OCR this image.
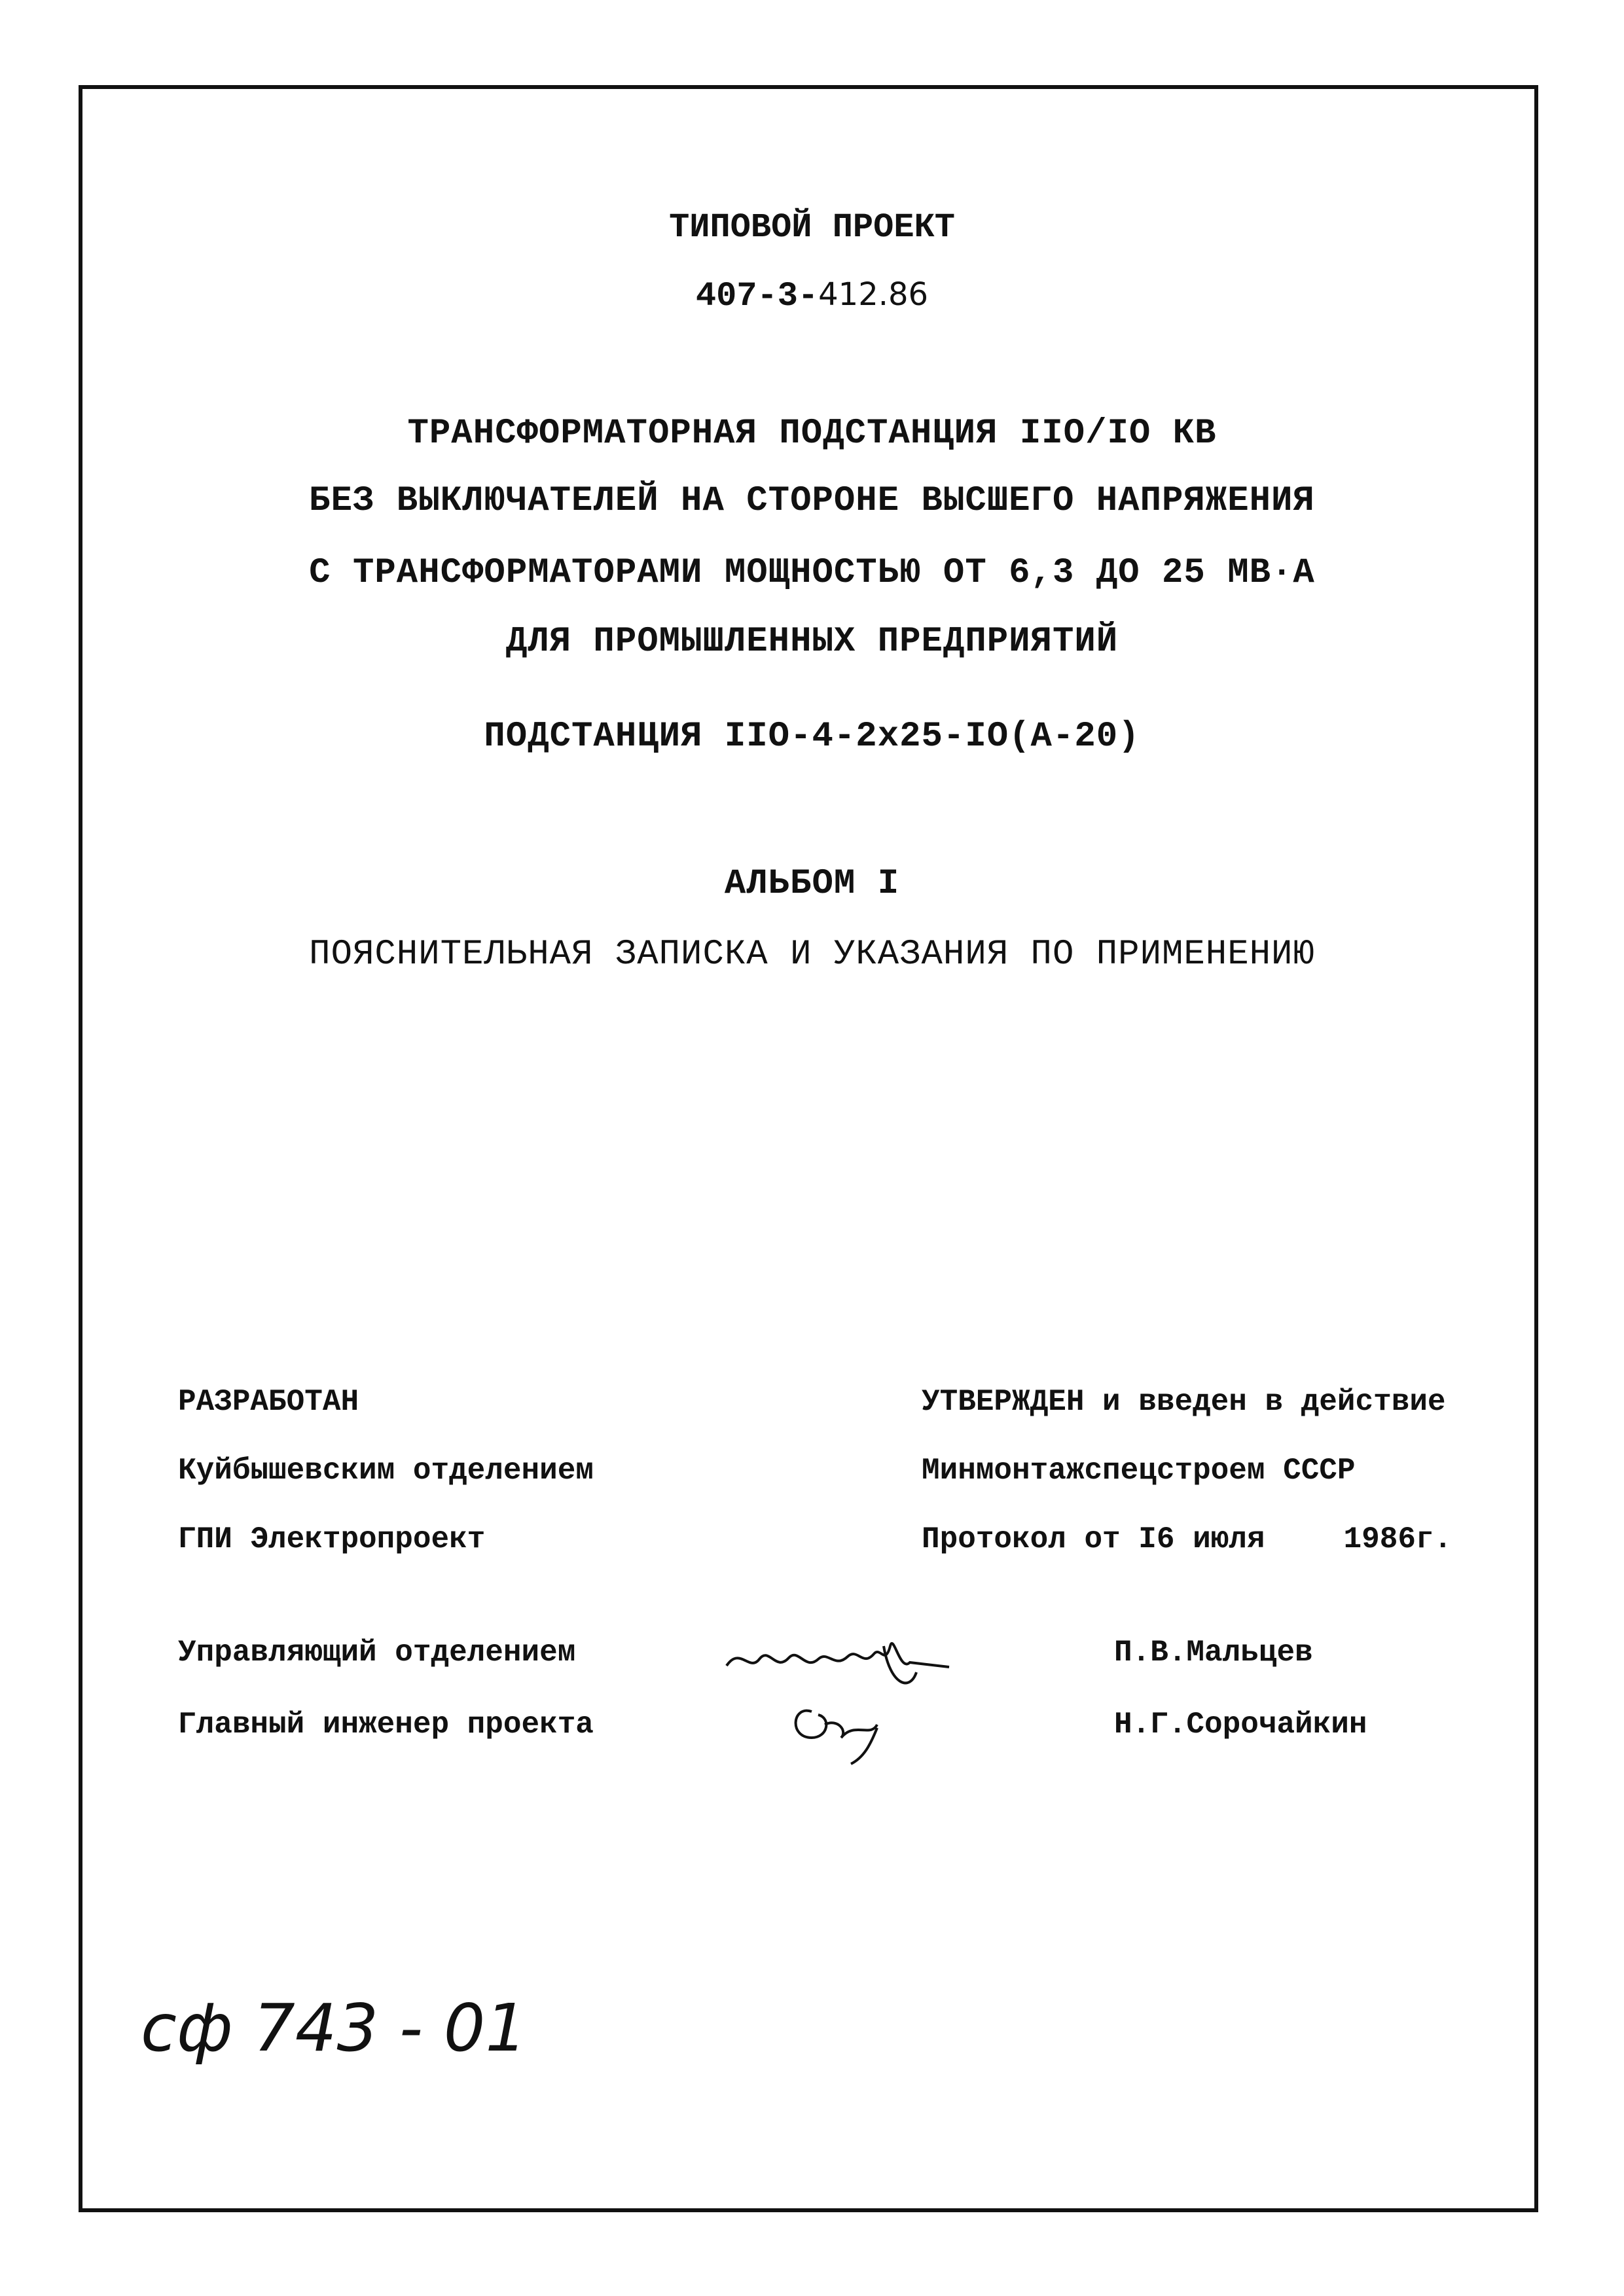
ТИПОВОЙ ПРОЕКТ
407-3-412.86
ТРАНСФОРМАТОРНАЯ ПОДСТАНЦИЯ IIO/IO КВ
БЕЗ ВЫКЛЮЧАТЕЛЕЙ НА СТОРОНЕ ВЫСШЕГО НАПРЯЖЕНИЯ
С ТРАНСФОРМАТОРАМИ МОЩНОСТЬЮ ОТ 6,3 ДО 25 МВ·А
ДЛЯ ПРОМЫШЛЕННЫХ ПРЕДПРИЯТИЙ
ПОДСТАНЦИЯ IIO-4-2x25-IO(A-20)
АЛЬБОМ I
ПОЯСНИТЕЛЬНАЯ ЗАПИСКА И УКАЗАНИЯ ПО ПРИМЕНЕНИЮ
РАЗРАБОТАН
Куйбышевским отделением
ГПИ Электропроект
УТВЕРЖДЕН и введен в действие
Минмонтажспецстроем СССР
Протокол от I6 июля	1986г.
Управляющий отделением
Главный инженер проекта
П.В.Мальцев
Н.Г.Сорочайкин
сф 743 - 01
